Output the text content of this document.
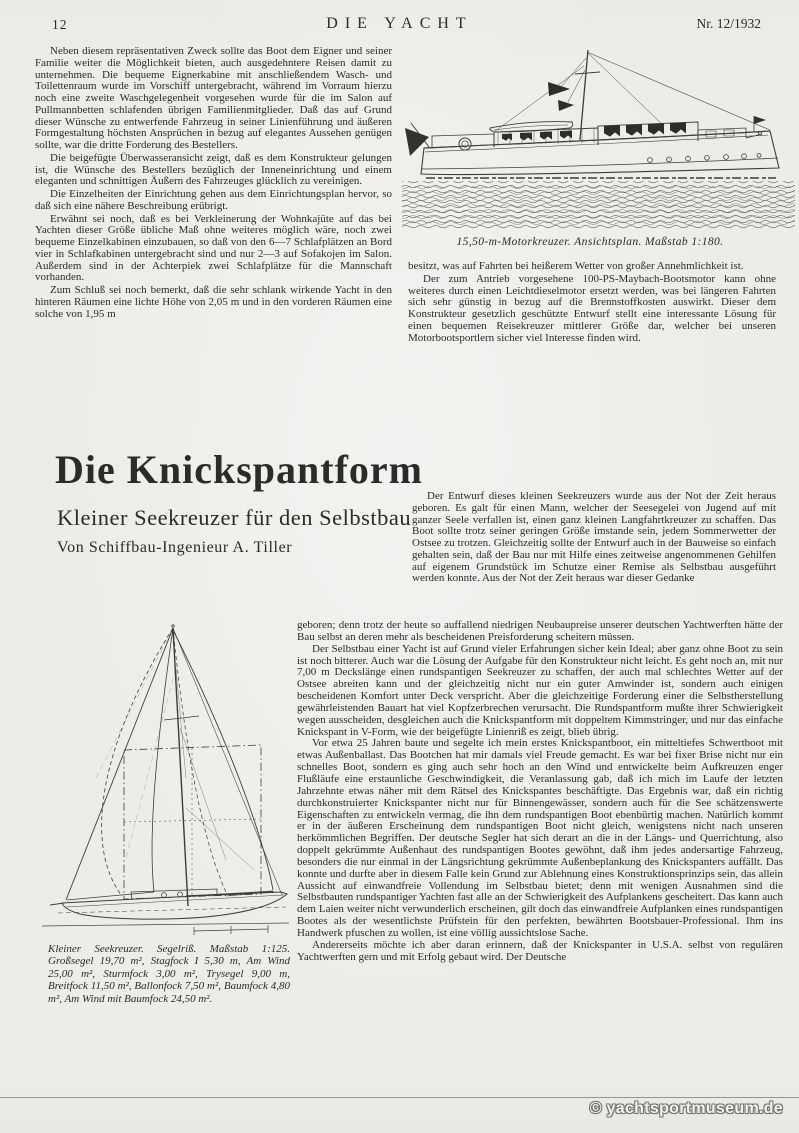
12	DIE YACHT	Nr. 12/1932

Neben diesem repräsentativen Zweck sollte das Boot dem Eigner und seiner Familie weiter die Möglichkeit bieten, auch ausgedehntere Reisen damit zu unternehmen. Die bequeme Eignerkabine mit anschließendem Wasch- und Toilettenraum wurde im Vorschiff untergebracht, während im Vorraum hierzu noch eine zweite Waschgelegenheit vorgesehen wurde für die im Salon auf Pullmannbetten schlafenden übrigen Familienmitglieder. Daß das auf Grund dieser Wünsche zu entwerfende Fahrzeug in seiner Linienführung und äußeren Formgestaltung höchsten Ansprüchen in bezug auf elegantes Aussehen genügen sollte, war die dritte Forderung des Bestellers.

Die beigefügte Überwasseransicht zeigt, daß es dem Konstrukteur gelungen ist, die Wünsche des Bestellers bezüglich der Inneneinrichtung und einem eleganten und schnittigen Äußern des Fahrzeuges glücklich zu vereinigen.

Die Einzelheiten der Einrichtung gehen aus dem Einrichtungsplan hervor, so daß sich eine nähere Beschreibung erübrigt.

Erwähnt sei noch, daß es bei Verkleinerung der Wohnkajüte auf das bei Yachten dieser Größe übliche Maß ohne weiteres möglich wäre, noch zwei bequeme Einzelkabinen einzubauen, so daß von den 6—7 Schlafplätzen an Bord vier in Schlafkabinen untergebracht sind und nur 2—3 auf Sofakojen im Salon. Außerdem sind in der Achterpiek zwei Schlafplätze für die Mannschaft vorhanden.

Zum Schluß sei noch bemerkt, daß die sehr schlank wirkende Yacht in den hinteren Räumen eine lichte Höhe von 2,05 m und in den vorderen Räumen eine solche von 1,95 m

15,50-m-Motorkreuzer. Ansichtsplan. Maßstab 1:180.

besitzt, was auf Fahrten bei heißerem Wetter von großer Annehmlichkeit ist.

Der zum Antrieb vorgesehene 100-PS-Maybach-Bootsmotor kann ohne weiteres durch einen Leichtdieselmotor ersetzt werden, was bei längeren Fahrten sich sehr günstig in bezug auf die Brennstoffkosten auswirkt. Dieser dem Konstrukteur gesetzlich geschützte Entwurf stellt eine interessante Lösung für einen bequemen Reisekreuzer mittlerer Größe dar, welcher bei unseren Motorbootsportlern sicher viel Interesse finden wird.

Die Knickspantform
Kleiner Seekreuzer für den Selbstbau
Von Schiffbau-Ingenieur A. Tiller

Der Entwurf dieses kleinen Seekreuzers wurde aus der Not der Zeit heraus geboren. Es galt für einen Mann, welcher der Seesegelei von Jugend auf mit ganzer Seele verfallen ist, einen ganz kleinen Langfahrtkreuzer zu schaffen. Das Boot sollte trotz seiner geringen Größe imstande sein, jedem Sommerwetter der Ostsee zu trotzen. Gleichzeitig sollte der Entwurf auch in der Bauweise so einfach gehalten sein, daß der Bau nur mit Hilfe eines zeitweise angenommenen Gehilfen auf eigenem Grundstück im Schutze einer Remise als Selbstbau ausgeführt werden konnte. Aus der Not der Zeit heraus war dieser Gedanke

Kleiner Seekreuzer. Segelriß. Maßstab 1:125. Großsegel 19,70 m², Stagfock I 5,30 m, Am Wind 25,00 m², Sturmfock 3,00 m², Trysegel 9,00 m, Breitfock 11,50 m², Ballonfock 7,50 m², Baumfock 4,80 m², Am Wind mit Baumfock 24,50 m².

geboren; denn trotz der heute so auffallend niedrigen Neubaupreise unserer deutschen Yachtwerften hätte der Bau selbst an deren mehr als bescheidenen Preisforderung scheitern müssen.

Der Selbstbau einer Yacht ist auf Grund vieler Erfahrungen sicher kein Ideal; aber ganz ohne Boot zu sein ist noch bitterer. Auch war die Lösung der Aufgabe für den Konstrukteur nicht leicht. Es geht noch an, mit nur 7,00 m Deckslänge einen rundspantigen Seekreuzer zu schaffen, der auch mal schlechtes Wetter auf der Ostsee abreiten kann und der gleichzeitig nicht nur ein guter Amwinder ist, sondern auch einigen bescheidenen Komfort unter Deck verspricht. Aber die gleichzeitige Forderung einer die Selbstherstellung gewährleistenden Bauart hat viel Kopfzerbrechen verursacht. Die Rundspantform mußte ihrer Schwierigkeit wegen ausscheiden, desgleichen auch die Knickspantform mit doppeltem Kimmstringer, und nur das einfache Knickspant in V-Form, wie der beigefügte Linienriß es zeigt, blieb übrig.

Vor etwa 25 Jahren baute und segelte ich mein erstes Knickspantboot, ein mitteltiefes Schwertboot mit etwas Außenballast. Das Bootchen hat mir damals viel Freude gemacht. Es war bei fixer Brise nicht nur ein schnelles Boot, sondern es ging auch sehr hoch an den Wind und entwickelte beim Aufkreuzen enger Flußläufe eine erstaunliche Geschwindigkeit, die Veranlassung gab, daß ich mich im Laufe der letzten Jahrzehnte etwas näher mit dem Rätsel des Knickspantes beschäftigte. Das Ergebnis war, daß ein richtig durchkonstruierter Knickspanter nicht nur für Binnengewässer, sondern auch für die See schätzenswerte Eigenschaften zu entwickeln vermag, die ihn dem rundspantigen Boot ebenbürtig machen. Natürlich kommt er in der äußeren Erscheinung dem rundspantigen Boot nicht gleich, wenigstens nicht nach unseren herkömmlichen Begriffen. Der deutsche Segler hat sich derart an die in der Längs- und Querrichtung, also doppelt gekrümmte Außenhaut des rundspantigen Bootes gewöhnt, daß ihm jedes andersartige Fahrzeug, besonders die nur einmal in der Längsrichtung gekrümmte Außenbeplankung des Knickspanters auffällt. Das konnte und durfte aber in diesem Falle kein Grund zur Ablehnung eines Konstruktionsprinzips sein, das allein Aussicht auf einwandfreie Vollendung im Selbstbau bietet; denn mit wenigen Ausnahmen sind die Selbstbauten rundspantiger Yachten fast alle an der Schwierigkeit des Aufplankens gescheitert. Das kann auch dem Laien weiter nicht verwunderlich erscheinen, gilt doch das einwandfreie Aufplanken eines rundspantigen Bootes als der wesentlichste Prüfstein für den perfekten, bewährten Bootsbauer-Professional. Ihm ins Handwerk pfuschen zu wollen, ist eine völlig aussichtslose Sache.

Andererseits möchte ich aber daran erinnern, daß der Knickspanter in U.S.A. selbst von regulären Yachtwerften gern und mit Erfolg gebaut wird. Der Deutsche

© yachtsportmuseum.de
